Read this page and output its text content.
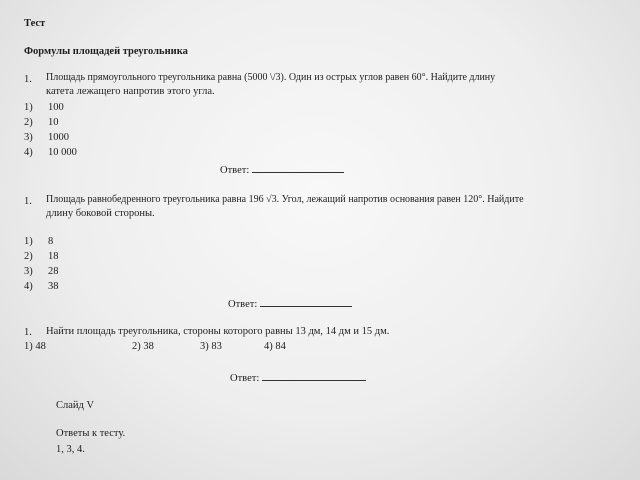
Тест
Формулы площадей треугольника
1. Площадь прямоугольного треугольника равна (5000 \/3). Один из острых углов равен 60°. Найдите длину
катета лежащего напротив этого угла.
1) 100
2) 10
3) 1000
4) 10 000
Ответ:
1. Площадь равнобедренного треугольника равна 196 √3. Угол, лежащий напротив основания равен 120°. Найдите
длину боковой стороны.
1) 8
2) 18
3) 28
4) 38
Ответ:
1. Найти площадь треугольника, стороны которого равны 13 дм, 14 дм и 15 дм.
1) 48	2) 38	3) 83	4) 84
Ответ:
Слайд V
Ответы к тесту.
1, 3, 4.
